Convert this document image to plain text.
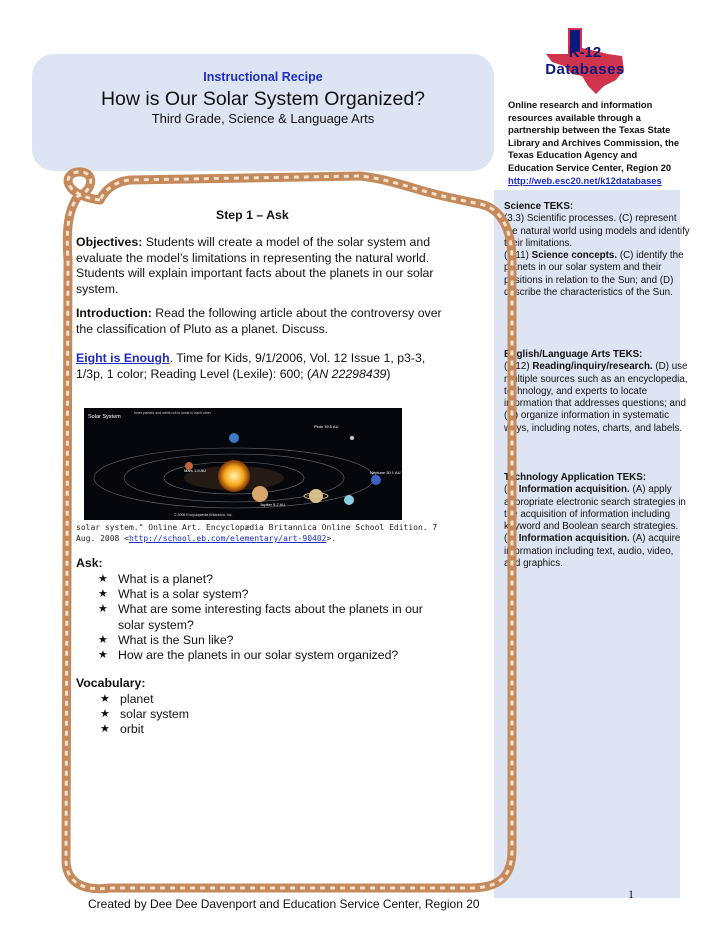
Instructional Recipe
How is Our Solar System Organized?
Third Grade, Science & Language Arts
K-12
Databases
Online research and information resources available through a partnership between the Texas State Library and Archives Commission, the Texas Education Agency and Education Service Center, Region 20
http://web.esc20.net/k12databases
Science TEKS:
(3.3) Scientific processes. (C) represent the natural world using models and identify their limitations.
(3.11) Science concepts. (C) identify the planets in our solar system and their positions in relation to the Sun; and (D) describe the characteristics of the Sun.
English/Language Arts TEKS:
(3.12) Reading/inquiry/research. (D) use multiple sources such as an encyclopedia, technology, and experts to locate information that addresses questions; and (G) organize information in systematic ways, including notes, charts, and labels.
Technology Application TEKS:
(4) Information acquisition. (A) apply appropriate electronic search strategies in the acquisition of information including keyword and Boolean search strategies.
(5) Information acquisition. (A) acquire information including text, audio, video, and graphics.
Step 1 – Ask
Objectives: Students will create a model of the solar system and evaluate the model’s limitations in representing the natural world. Students will explain important facts about the planets in our solar system.
Introduction: Read the following article about the controversy over the classification of Pluto as a planet. Discuss.
Eight is Enough. Time for Kids, 9/1/2006, Vol. 12 Issue 1, p3-3, 1/3p, 1 color; Reading Level (Lexile): 600; (AN 22298439)
Solar System
Inner planets and orbits not to scale to each other
© 2006 Encyclopædia Britannica, Inc.
Pluto 39.5 AU
Mars 1.5 AU
Jupiter 5.2 AU
Neptune 30.1 AU
solar system." Online Art. Encyclopædia Britannica Online School Edition. 7 Aug. 2008 <http://school.eb.com/elementary/art-90402>.
Ask:
★ What is a planet?
★ What is a solar system?
★ What are some interesting facts about the planets in our solar system?
★ What is the Sun like?
★ How are the planets in our solar system organized?
Vocabulary:
★ planet
★ solar system
★ orbit
1
Created by Dee Dee Davenport and Education Service Center, Region 20
